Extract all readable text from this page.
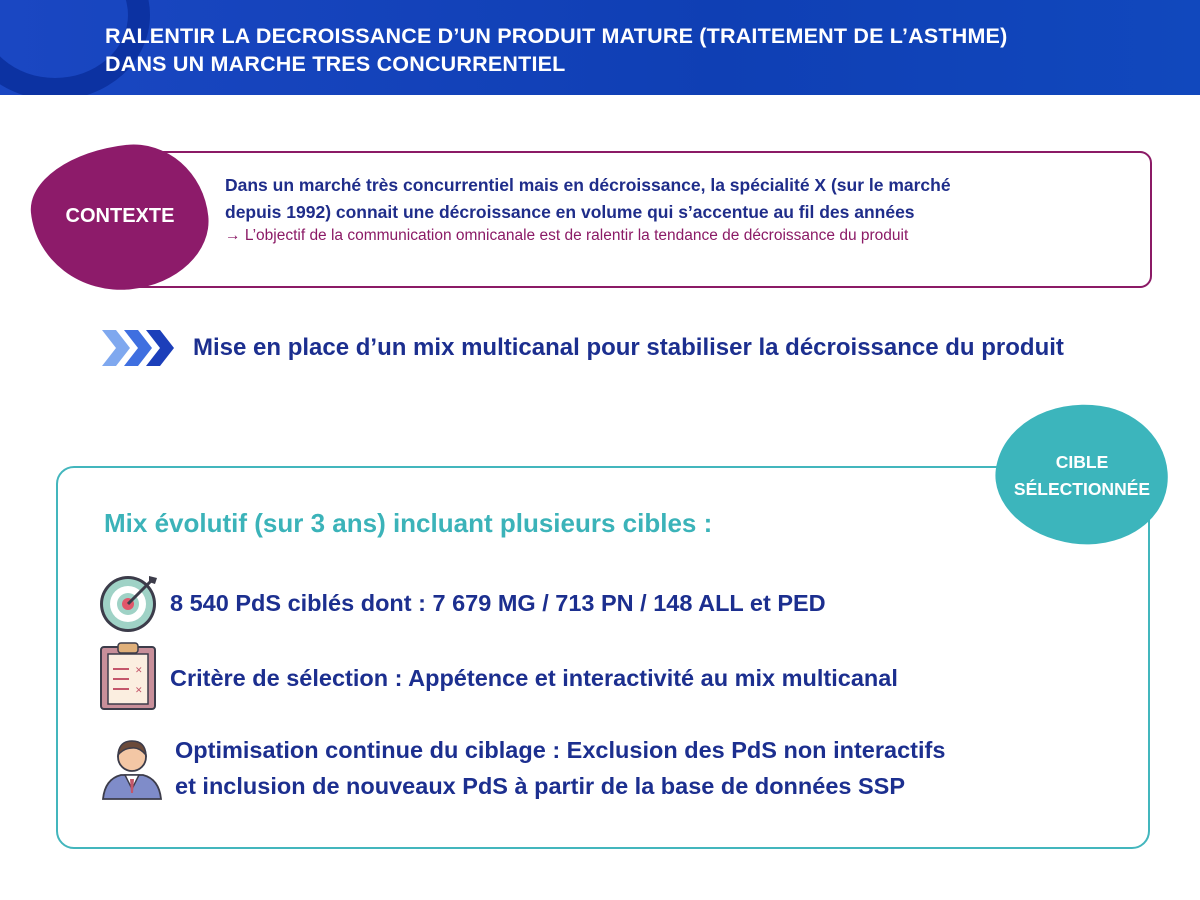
RALENTIR LA DECROISSANCE D’UN PRODUIT MATURE (TRAITEMENT DE L’ASTHME)
DANS UN MARCHE TRES CONCURRENTIEL
CONTEXTE
Dans un marché très concurrentiel mais en décroissance, la spécialité X (sur le marché
depuis 1992) connait une décroissance en volume qui s’accentue au fil des années
→ L’objectif de la communication omnicanale est de ralentir la tendance de décroissance du produit
Mise en place d’un mix multicanal pour stabiliser la décroissance du produit
CIBLE
SÉLECTIONNÉE
Mix évolutif (sur 3 ans) incluant plusieurs cibles :
8 540 PdS ciblés dont : 7 679 MG / 713 PN / 148 ALL et PED
✕
✕ Critère de sélection : Appétence et interactivité au mix multicanal
Optimisation continue du ciblage : Exclusion des PdS non interactifs
et inclusion de nouveaux PdS à partir de la base de données SSP
